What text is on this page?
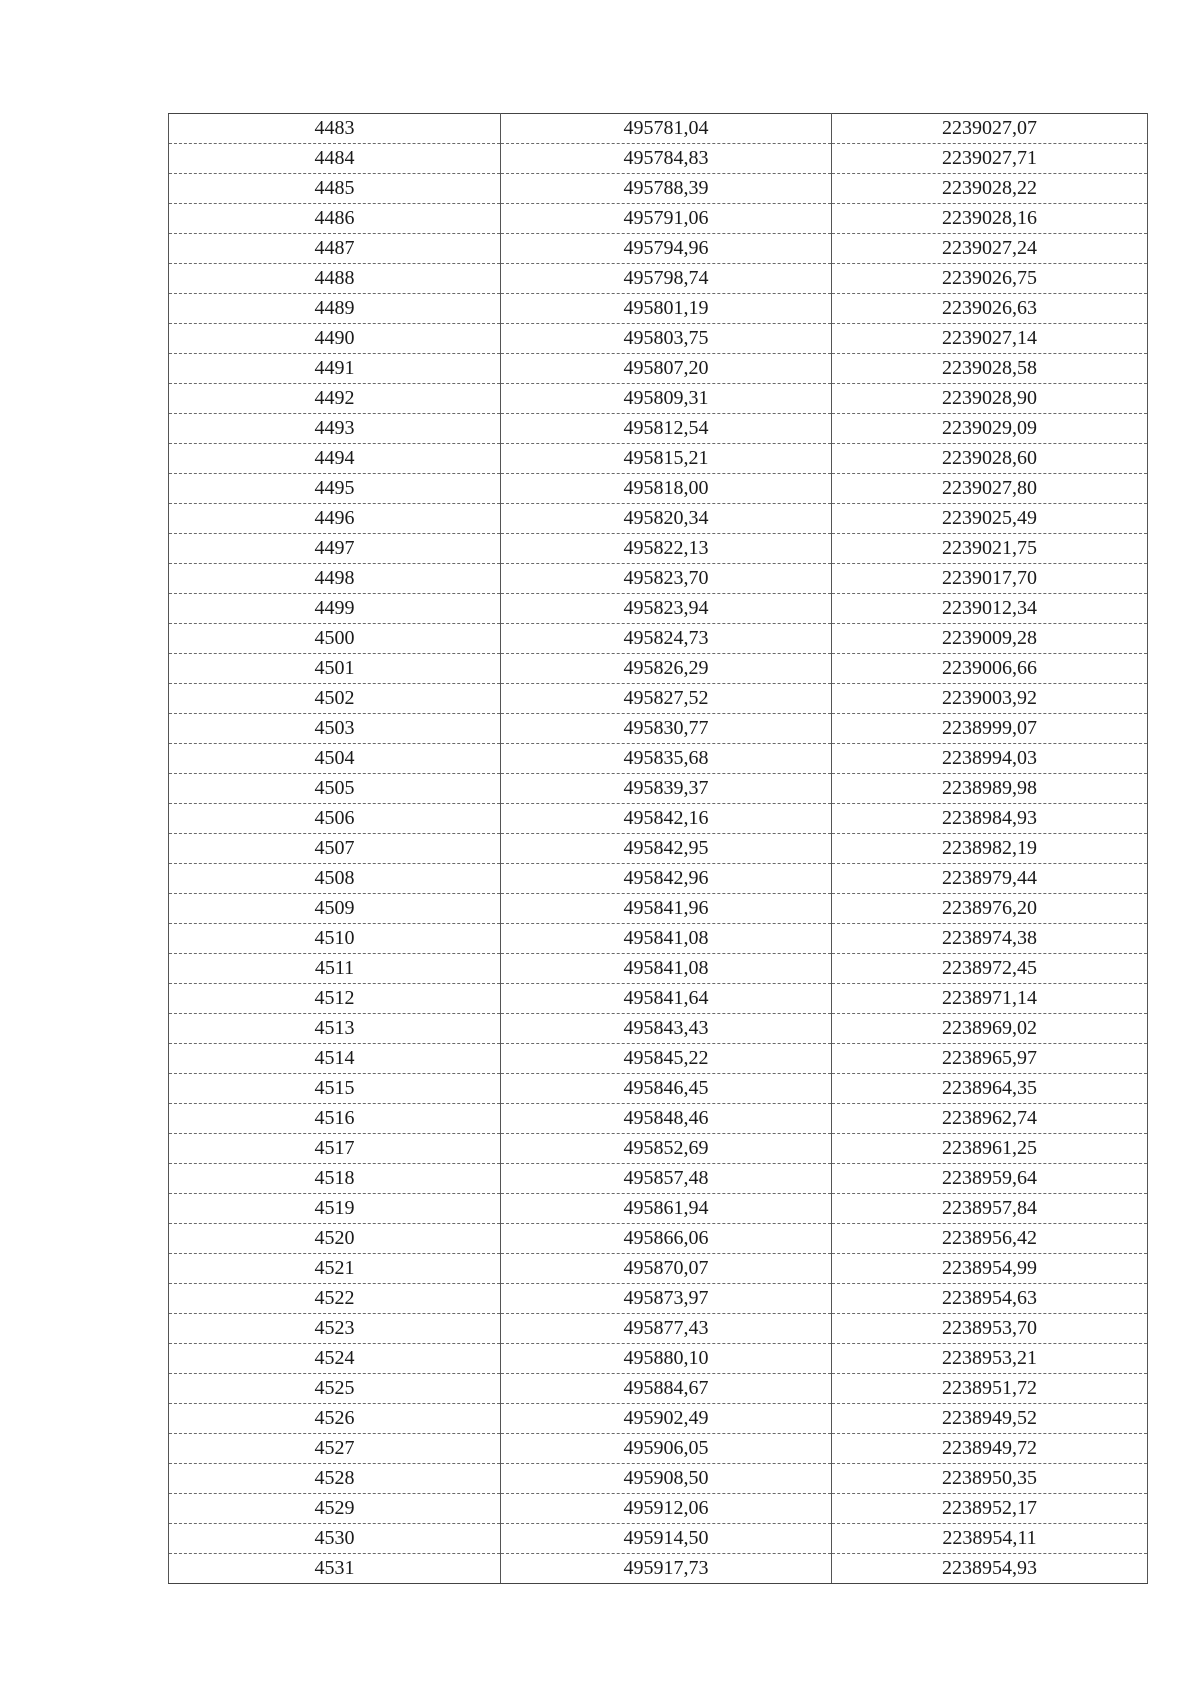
4483	495781,04	2239027,07
4484	495784,83	2239027,71
4485	495788,39	2239028,22
4486	495791,06	2239028,16
4487	495794,96	2239027,24
4488	495798,74	2239026,75
4489	495801,19	2239026,63
4490	495803,75	2239027,14
4491	495807,20	2239028,58
4492	495809,31	2239028,90
4493	495812,54	2239029,09
4494	495815,21	2239028,60
4495	495818,00	2239027,80
4496	495820,34	2239025,49
4497	495822,13	2239021,75
4498	495823,70	2239017,70
4499	495823,94	2239012,34
4500	495824,73	2239009,28
4501	495826,29	2239006,66
4502	495827,52	2239003,92
4503	495830,77	2238999,07
4504	495835,68	2238994,03
4505	495839,37	2238989,98
4506	495842,16	2238984,93
4507	495842,95	2238982,19
4508	495842,96	2238979,44
4509	495841,96	2238976,20
4510	495841,08	2238974,38
4511	495841,08	2238972,45
4512	495841,64	2238971,14
4513	495843,43	2238969,02
4514	495845,22	2238965,97
4515	495846,45	2238964,35
4516	495848,46	2238962,74
4517	495852,69	2238961,25
4518	495857,48	2238959,64
4519	495861,94	2238957,84
4520	495866,06	2238956,42
4521	495870,07	2238954,99
4522	495873,97	2238954,63
4523	495877,43	2238953,70
4524	495880,10	2238953,21
4525	495884,67	2238951,72
4526	495902,49	2238949,52
4527	495906,05	2238949,72
4528	495908,50	2238950,35
4529	495912,06	2238952,17
4530	495914,50	2238954,11
4531	495917,73	2238954,93
